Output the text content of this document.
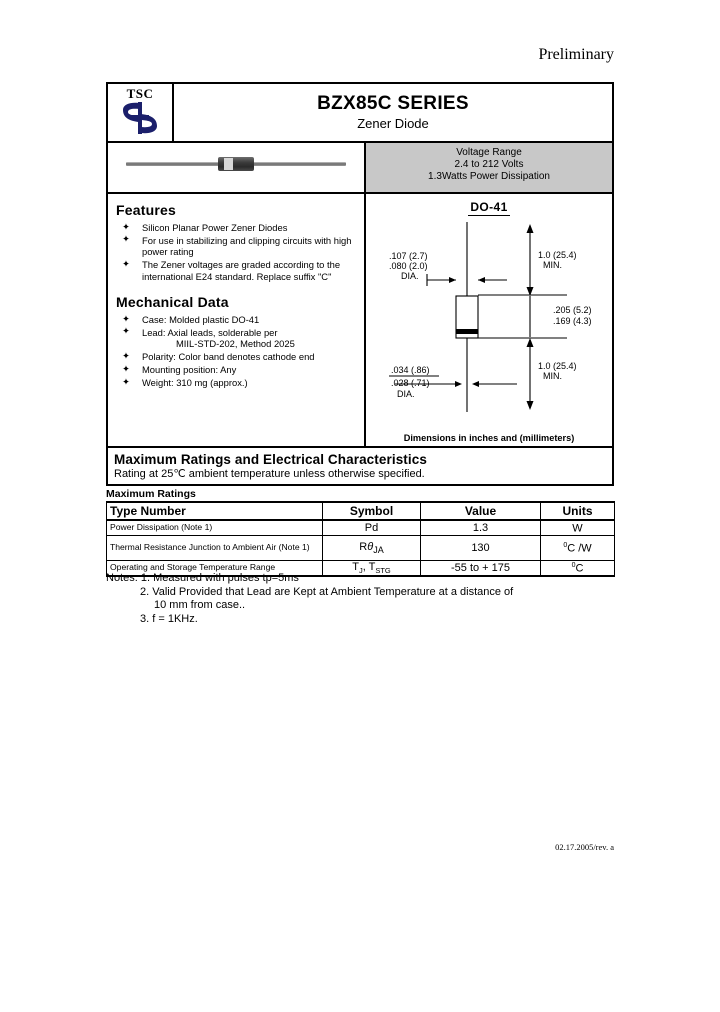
Preliminary
TSC	BZX85C SERIES
Zener Diode
Voltage Range
2.4 to 212 Volts
1.3Watts Power Dissipation
Features
✦ Silicon Planar Power Zener Diodes
✦ For use in stabilizing and clipping circuits with high power rating
✦ The Zener voltages are graded according to the international E24 standard. Replace suffix "C"
Mechanical Data
✦ Case: Molded plastic DO-41
✦ Lead: Axial leads, solderable per
MIIL-STD-202, Method 2025
✦ Polarity: Color band denotes cathode end
✦ Mounting position: Any
✦ Weight: 310 mg (approx.)
DO-41
.107 (2.7)
.080 (2.0)
DIA.
1.0 (25.4)
MIN.
.205 (5.2)
.169 (4.3)
1.0 (25.4)
MIN.
.034 (.86)
.028 (.71)
DIA.
Dimensions in inches and (millimeters)
Maximum Ratings and Electrical Characteristics
Rating at 25℃ ambient temperature unless otherwise specified.
Maximum Ratings
Type Number	Symbol	Value	Units
Power Dissipation (Note 1)	Pd	1.3	W
Thermal Resistance Junction to Ambient Air (Note 1)	$R\theta_{JA}$	130	$^0$C /W
Operating and Storage Temperature Range	$T_J$, $T_{STG}$	-55 to + 175	$^0$C
Notes: 1. Measured with pulses tp=5ms
2. Valid Provided that Lead are Kept at Ambient Temperature at a distance of
10 mm from case..
3. f = 1KHz.
02.17.2005/rev. a
